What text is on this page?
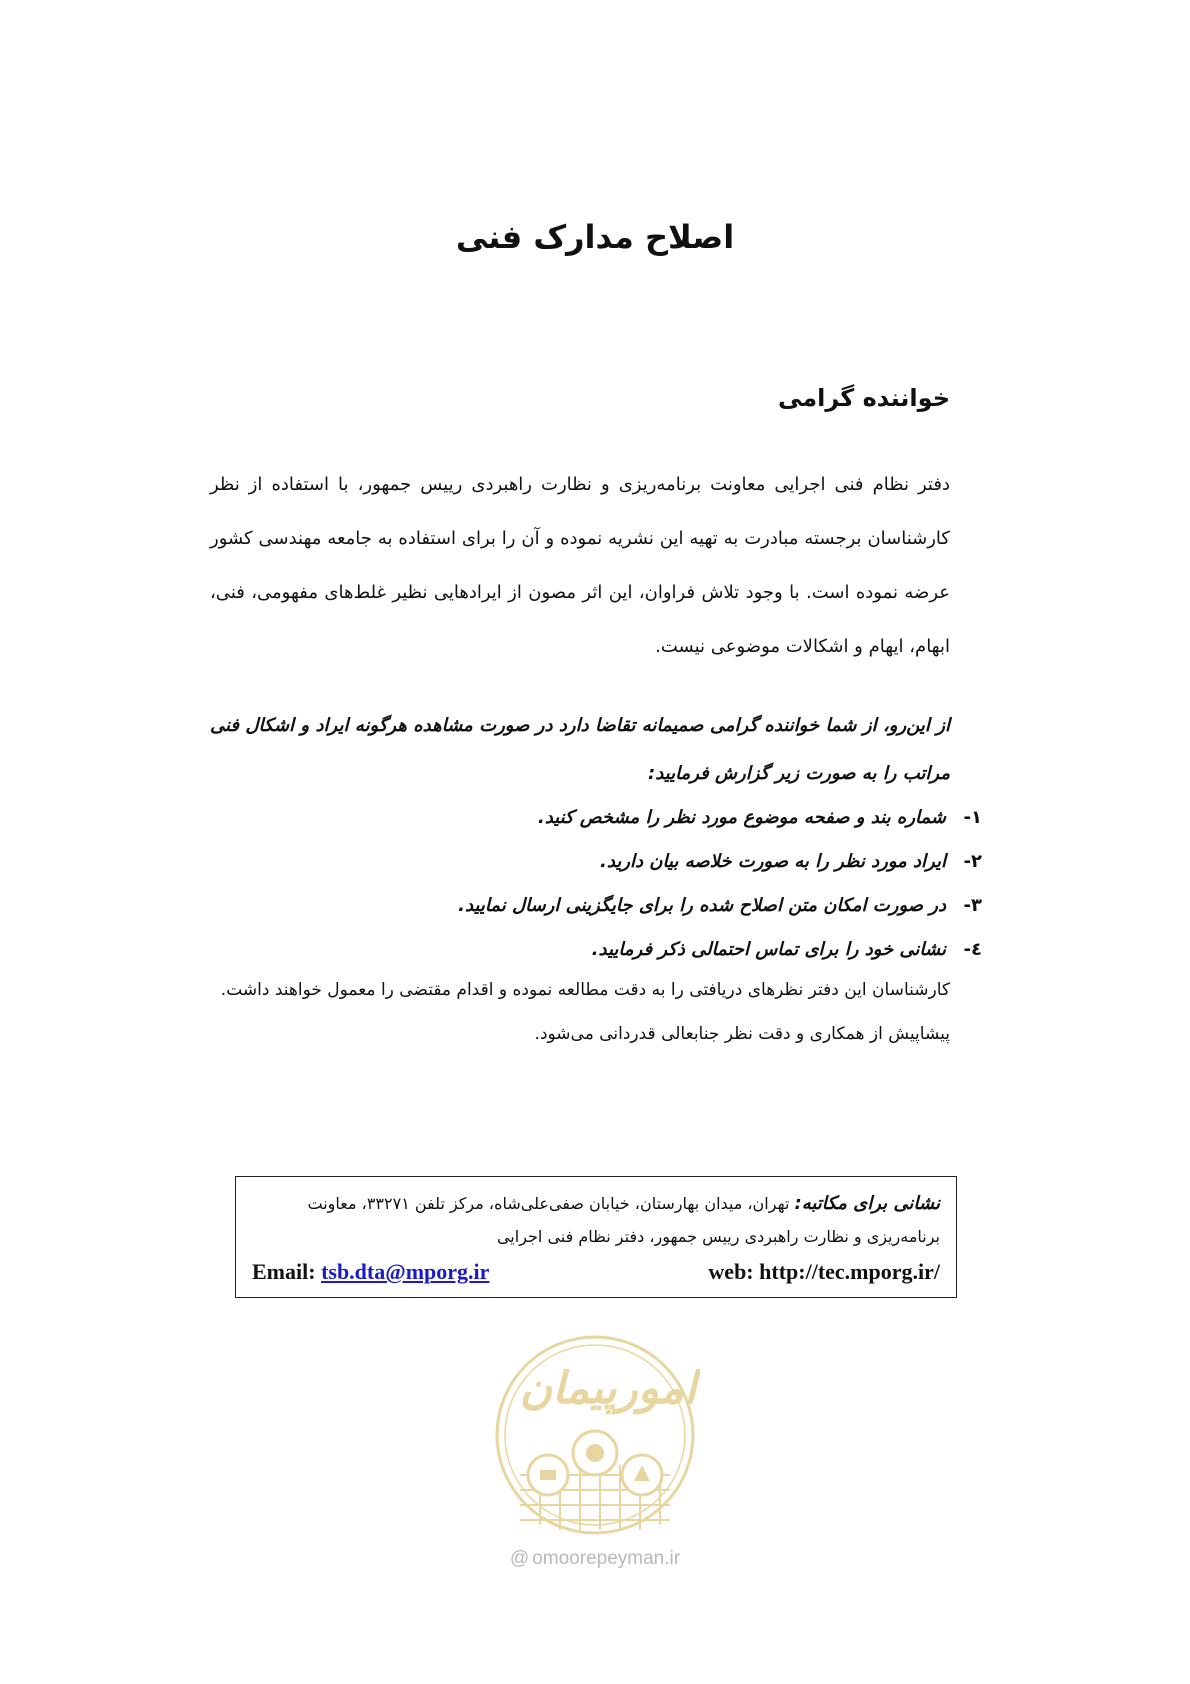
اصلاح مدارک فنی
خواننده گرامی
دفتر نظام فنی اجرایی معاونت برنامه‌ریزی و نظارت راهبردی رییس جمهور، با استفاده از نظر کارشناسان برجسته مبادرت به تهیه این نشریه نموده و آن را برای استفاده به جامعه مهندسی کشور عرضه نموده است. با وجود تلاش فراوان، این اثر مصون از ایرادهایی نظیر غلط‌های مفهومی، فنی، ابهام، ایهام و اشکالات موضوعی نیست.
از این‌رو، از شما خواننده گرامی صمیمانه تقاضا دارد در صورت مشاهده هرگونه ایراد و اشکال فنی مراتب را به صورت زیر گزارش فرمایید:
۱-
شماره بند و صفحه موضوع مورد نظر را مشخص کنید.
۲-
ایراد مورد نظر را به صورت خلاصه بیان دارید.
۳-
در صورت امکان متن اصلاح شده را برای جایگزینی ارسال نمایید.
٤-
نشانی خود را برای تماس احتمالی ذکر فرمایید.

کارشناسان این دفتر نظرهای دریافتی را به دقت مطالعه نموده و اقدام مقتضی را معمول خواهند داشت.

پیشاپیش از همکاری و دقت نظر جنابعالی قدردانی می‌شود.

نشانی برای مکاتبه: تهران، میدان بهارستان، خیابان صفی‌علی‌شاه، مرکز تلفن ۳۳۲۷۱، معاونت
برنامه‌ریزی و نظارت راهبردی رییس جمهور، دفتر نظام فنی اجرایی
Email: tsb.dta@mporg.ir	web: http://tec.mporg.ir/
امورپیمان
@ omoorepeyman.ir
